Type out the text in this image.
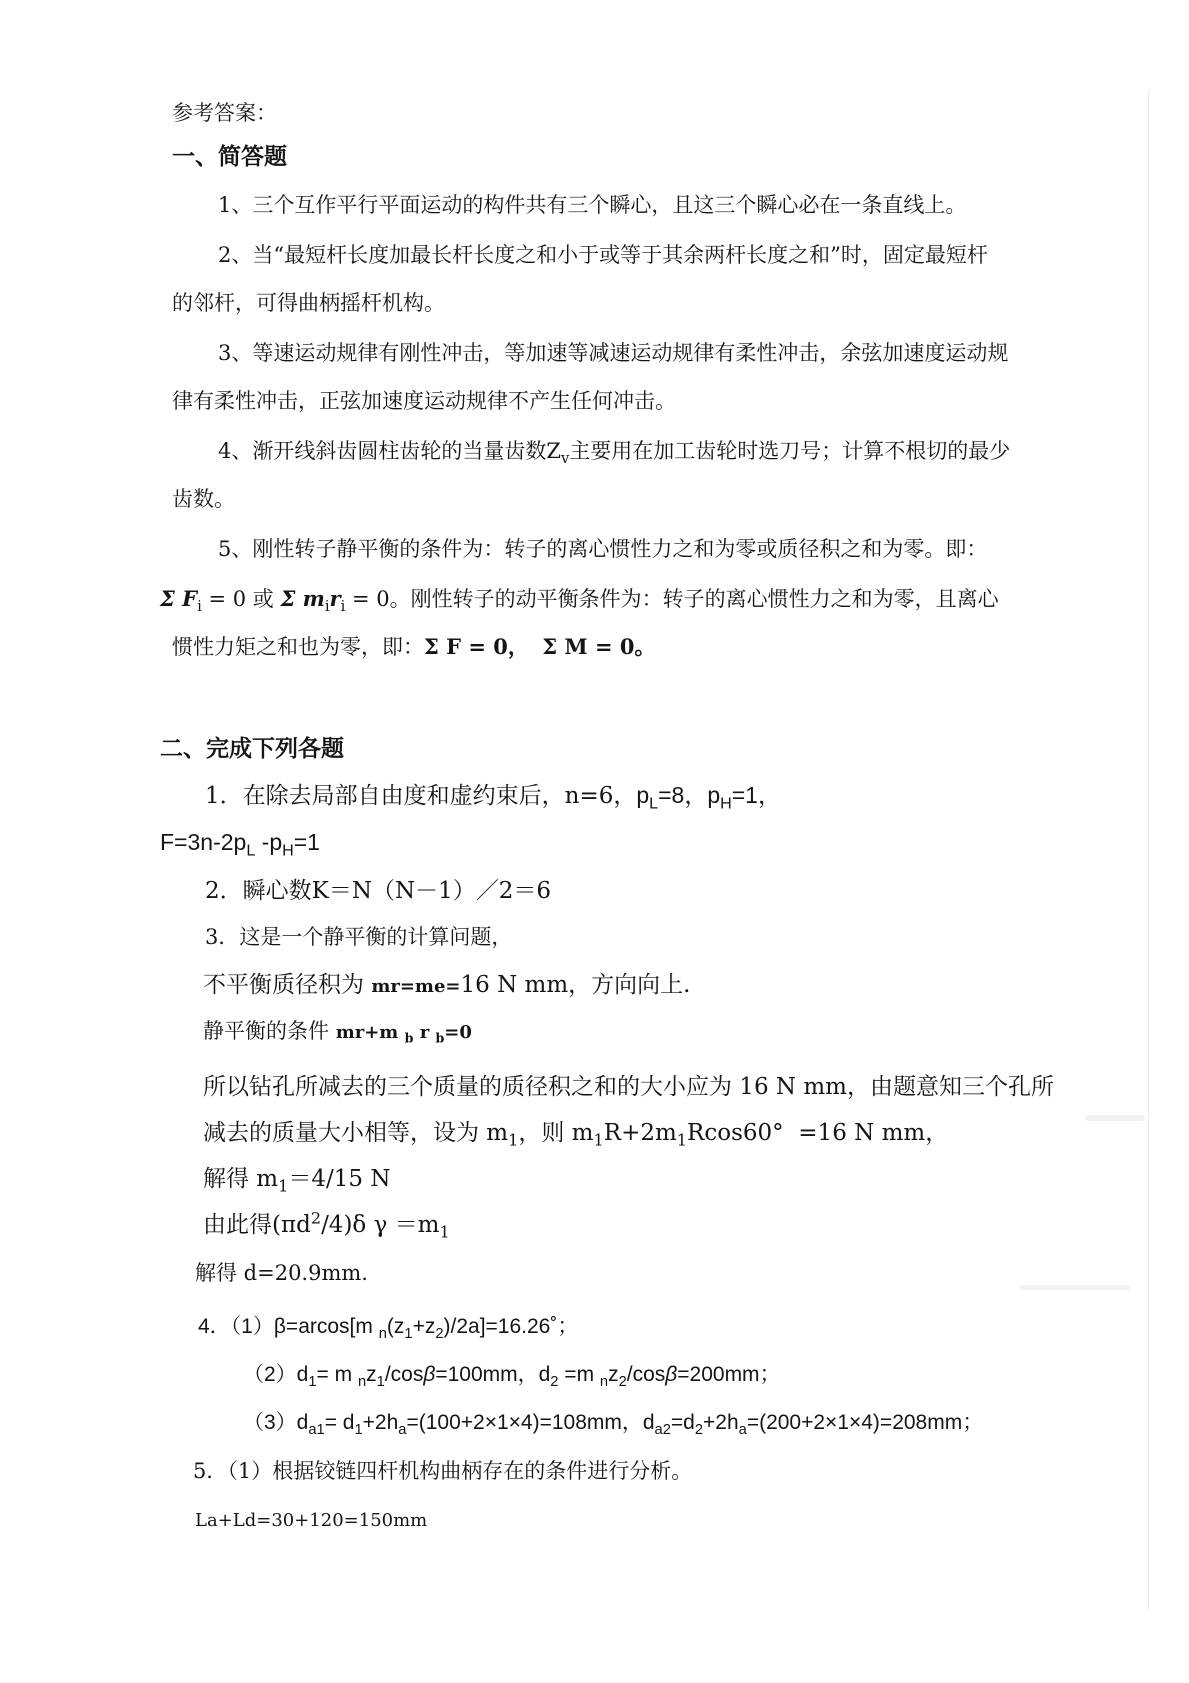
参考答案：
一、简答题
1、三个互作平行平面运动的构件共有三个瞬心，且这三个瞬心必在一条直线上。
2、当“最短杆长度加最长杆长度之和小于或等于其余两杆长度之和”时，固定最短杆
的邻杆，可得曲柄摇杆机构。
3、等速运动规律有刚性冲击，等加速等减速运动规律有柔性冲击，余弦加速度运动规
律有柔性冲击，正弦加速度运动规律不产生任何冲击。
4、渐开线斜齿圆柱齿轮的当量齿数$Z_v$主要用在加工齿轮时选刀号；计算不根切的最少
齿数。
5、刚性转子静平衡的条件为：转子的离心惯性力之和为零或质径积之和为零。即：
Σ $F_i = 0$ 或 Σ $m_ir_i = 0$。刚性转子的动平衡条件为：转子的离心惯性力之和为零，且离心
惯性力矩之和也为零，即：Σ F = 0， Σ M = 0。
二、完成下列各题
1．在除去局部自由度和虚约束后，n=6，$p_L=8$，$p_H=1$，
$F=3n-2p_L$ $-p_H=1$
2．瞬心数K＝N（N－1）／2＝6
3．这是一个静平衡的计算问题，
不平衡质径积为 mr=me=16 N mm，方向向上.
静平衡的条件 mr+m $_b$ r $_b$=0
所以钻孔所减去的三个质量的质径积之和的大小应为 16 N mm，由题意知三个孔所
减去的质量大小相等，设为 $m_1$，则 $m_1R+2m_1Rcos60^\circ =16$ N mm，
解得 $m_1=4/15$ N
由此得$(\pi d^2/4)\delta$ $\gamma =m_1$
解得 d=20.9mm.
4．（1）β=arcos[m $_n(z_1+z_2)/2a]=16.26˚$；
$(2)d_1= m$ $_nz_1/\cos\beta=100mm$，$d_2 =m$ $_nz_2/\cos\beta=200mm$；
$(3)d_{a1}= d_1+2h_a=(100+2\times 1\times 4)=108mm$，$d_{a2}=d_2+2h_a=(200+2\times 1\times 4)=208mm$；
5．（1）根据铰链四杆机构曲柄存在的条件进行分析。
La+Ld=30+120=150mm
